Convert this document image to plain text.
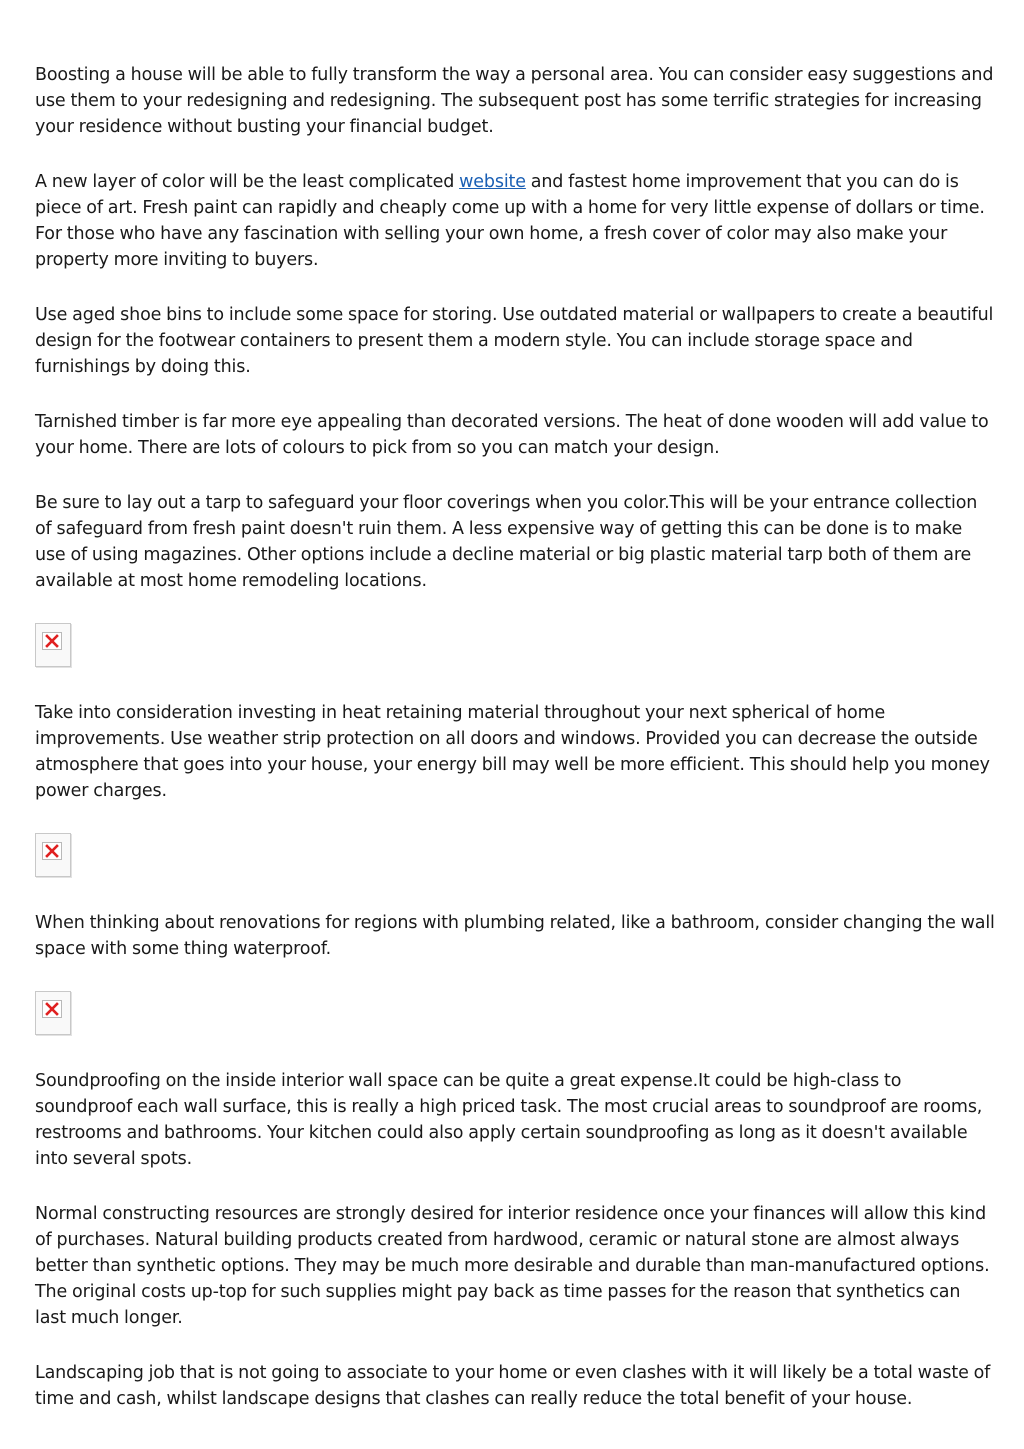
Boosting a house will be able to fully transform the way a personal area. You can consider easy suggestions and use them to your redesigning and redesigning. The subsequent post has some terrific strategies for increasing your residence without busting your financial budget.

A new layer of color will be the least complicated website and fastest home improvement that you can do is piece of art. Fresh paint can rapidly and cheaply come up with a home for very little expense of dollars or time. For those who have any fascination with selling your own home, a fresh cover of color may also make your property more inviting to buyers.

Use aged shoe bins to include some space for storing. Use outdated material or wallpapers to create a beautiful design for the footwear containers to present them a modern style. You can include storage space and furnishings by doing this.

Tarnished timber is far more eye appealing than decorated versions. The heat of done wooden will add value to your home. There are lots of colours to pick from so you can match your design.

Be sure to lay out a tarp to safeguard your floor coverings when you color.This will be your entrance collection of safeguard from fresh paint doesn't ruin them. A less expensive way of getting this can be done is to make use of using magazines. Other options include a decline material or big plastic material tarp both of them are available at most home remodeling locations.

Take into consideration investing in heat retaining material throughout your next spherical of home improvements. Use weather strip protection on all doors and windows. Provided you can decrease the outside atmosphere that goes into your house, your energy bill may well be more efficient. This should help you money power charges.

When thinking about renovations for regions with plumbing related, like a bathroom, consider changing the wall space with some thing waterproof.

Soundproofing on the inside interior wall space can be quite a great expense.It could be high-class to soundproof each wall surface, this is really a high priced task. The most crucial areas to soundproof are rooms, restrooms and bathrooms. Your kitchen could also apply certain soundproofing as long as it doesn't available into several spots.

Normal constructing resources are strongly desired for interior residence once your finances will allow this kind of purchases. Natural building products created from hardwood, ceramic or natural stone are almost always better than synthetic options. They may be much more desirable and durable than man-manufactured options. The original costs up-top for such supplies might pay back as time passes for the reason that synthetics can last much longer.

Landscaping job that is not going to associate to your home or even clashes with it will likely be a total waste of time and cash, whilst landscape designs that clashes can really reduce the total benefit of your house.
